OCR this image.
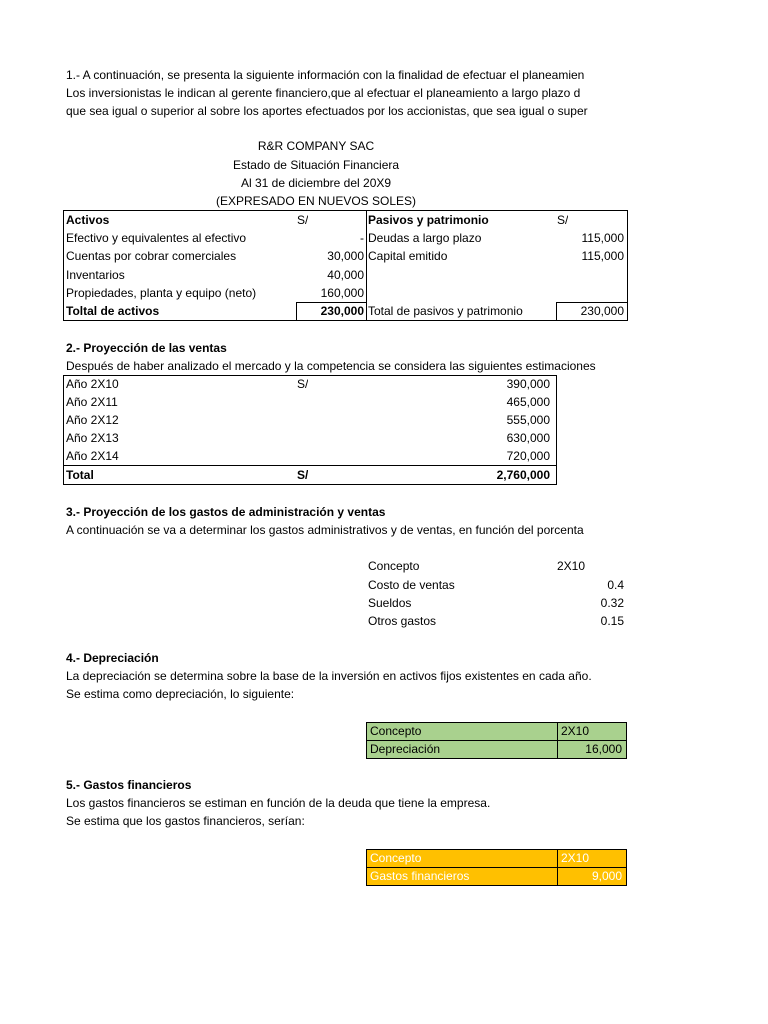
1.- A continuación, se presenta la siguiente información con la finalidad de efectuar el planeamien
Los inversionistas le indican al gerente financiero,que al efectuar el planeamiento a largo plazo d
que sea igual o superior al sobre los aportes efectuados por los accionistas, que sea igual o super
R&R COMPANY SAC
Estado de Situación Financiera
Al 31 de diciembre del 20X9
(EXPRESADO EN NUEVOS SOLES)
Activos	S/	Pasivos y patrimonio	S/
Efectivo y equivalentes al efectivo	- Deudas a largo plazo	115,000
Cuentas por cobrar comerciales	30,000 Capital emitido	115,000
Inventarios	40,000
Propiedades, planta y equipo (neto)	160,000
Toltal de activos	230,000 Total de pasivos y patrimonio	230,000
2.- Proyección de las ventas
Después de haber analizado el mercado y la competencia se considera las siguientes estimaciones
Año 2X10	S/	390,000
Año 2X11	465,000
Año 2X12	555,000
Año 2X13	630,000
Año 2X14	720,000
Total	S/	2,760,000
3.- Proyección de los gastos de administración y ventas
A continuación se va a determinar los gastos administrativos y de ventas, en función del porcenta
Concepto	2X10
Costo de ventas	0.4
Sueldos	0.32
Otros gastos	0.15
4.- Depreciación
La depreciación se determina sobre la base de la inversión en activos fijos existentes en cada año.
Se estima como depreciación, lo siguiente:
Concepto	2X10
Depreciación	16,000
5.- Gastos financieros
Los gastos financieros se estiman en función de la deuda que tiene la empresa.
Se estima que los gastos financieros, serían:
Concepto	2X10
Gastos financieros	9,000
